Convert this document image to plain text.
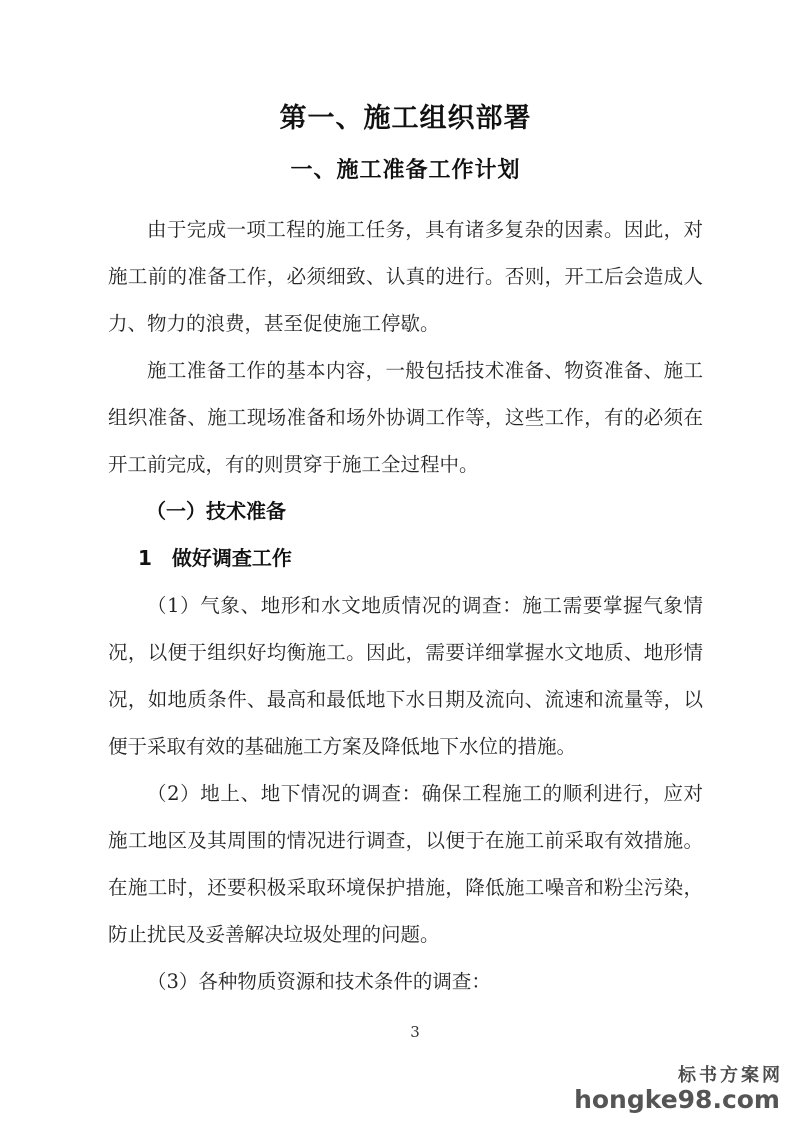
第一、施工组织部署
一、施工准备工作计划

由于完成一项工程的施工任务，具有诸多复杂的因素。因此，对施工前的准备工作，必须细致、认真的进行。否则，开工后会造成人力、物力的浪费，甚至促使施工停歇。

施工准备工作的基本内容，一般包括技术准备、物资准备、施工组织准备、施工现场准备和场外协调工作等，这些工作，有的必须在开工前完成，有的则贯穿于施工全过程中。

（一）技术准备
1　做好调查工作

（1）气象、地形和水文地质情况的调查：施工需要掌握气象情况，以便于组织好均衡施工。因此，需要详细掌握水文地质、地形情况，如地质条件、最高和最低地下水日期及流向、流速和流量等，以便于采取有效的基础施工方案及降低地下水位的措施。

（2）地上、地下情况的调查：确保工程施工的顺利进行，应对施工地区及其周围的情况进行调查，以便于在施工前采取有效措施。在施工时，还要积极采取环境保护措施，降低施工噪音和粉尘污染，防止扰民及妥善解决垃圾处理的问题。

（3）各种物质资源和技术条件的调查：

3
标书方案网
hongke98.com
